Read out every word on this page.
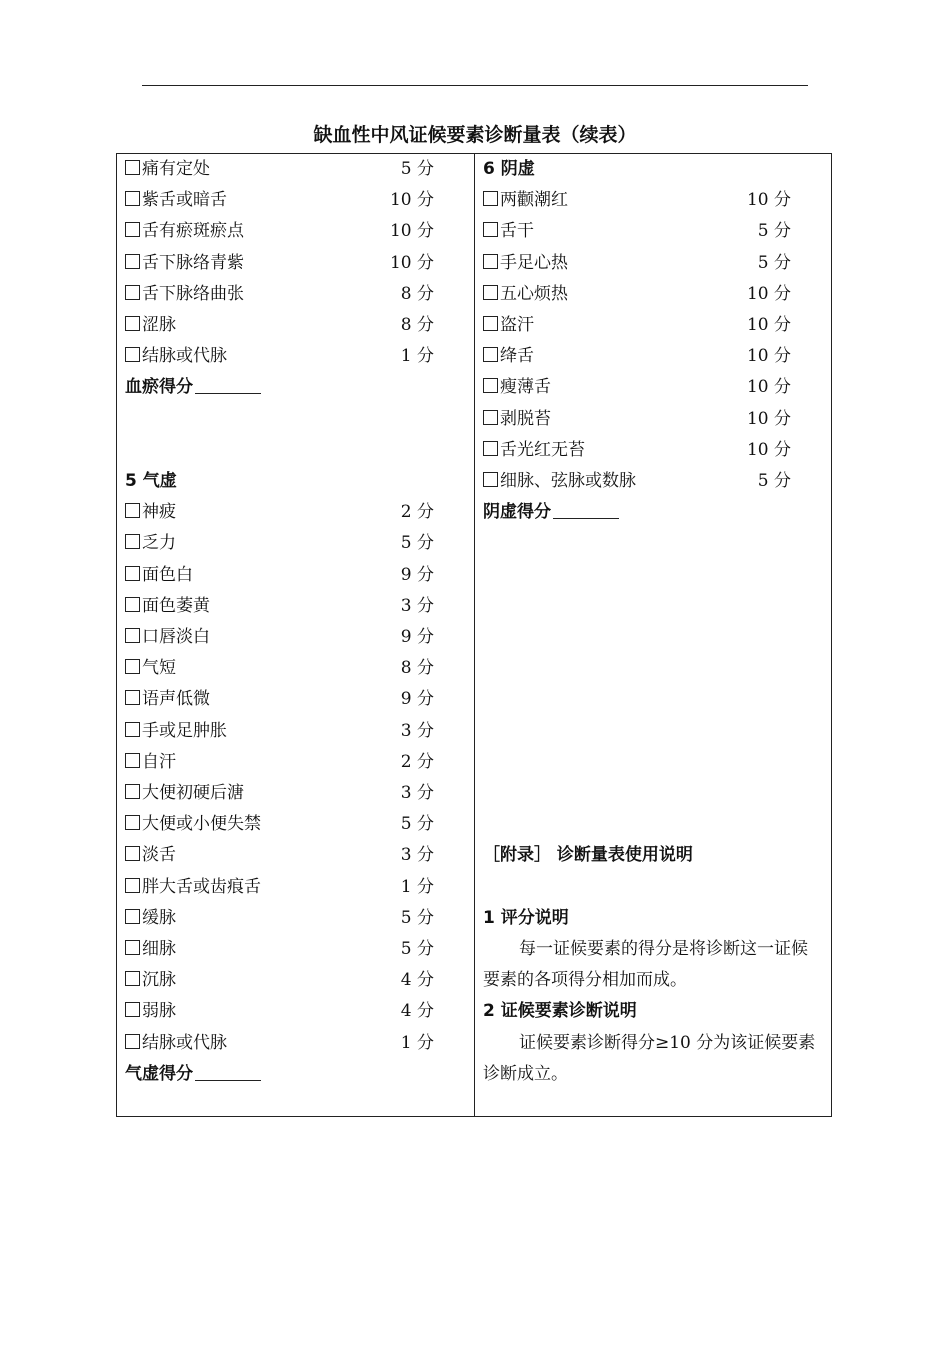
缺血性中风证候要素诊断量表（续表）
痛有定处	5 分
紫舌或暗舌	10 分
舌有瘀斑瘀点	10 分
舌下脉络青紫	10 分
舌下脉络曲张	8 分
涩脉	8 分
结脉或代脉	1 分
血瘀得分
5 气虚
神疲	2 分
乏力	5 分
面色白	9 分
面色萎黄	3 分
口唇淡白	9 分
气短	8 分
语声低微	9 分
手或足肿胀	3 分
自汗	2 分
大便初硬后溏	3 分
大便或小便失禁	5 分
淡舌	3 分
胖大舌或齿痕舌	1 分
缓脉	5 分
细脉	5 分
沉脉	4 分
弱脉	4 分
结脉或代脉	1 分
气虚得分
6 阴虚
两颧潮红	10 分
舌干	5 分
手足心热	5 分
五心烦热	10 分
盗汗	10 分
绛舌	10 分
瘦薄舌	10 分
剥脱苔	10 分
舌光红无苔	10 分
细脉、弦脉或数脉	5 分
阴虚得分
［附录］ 诊断量表使用说明
1 评分说明
每一证候要素的得分是将诊断这一证候要素的各项得分相加而成。
2 证候要素诊断说明
证候要素诊断得分≥10 分为该证候要素诊断成立。
